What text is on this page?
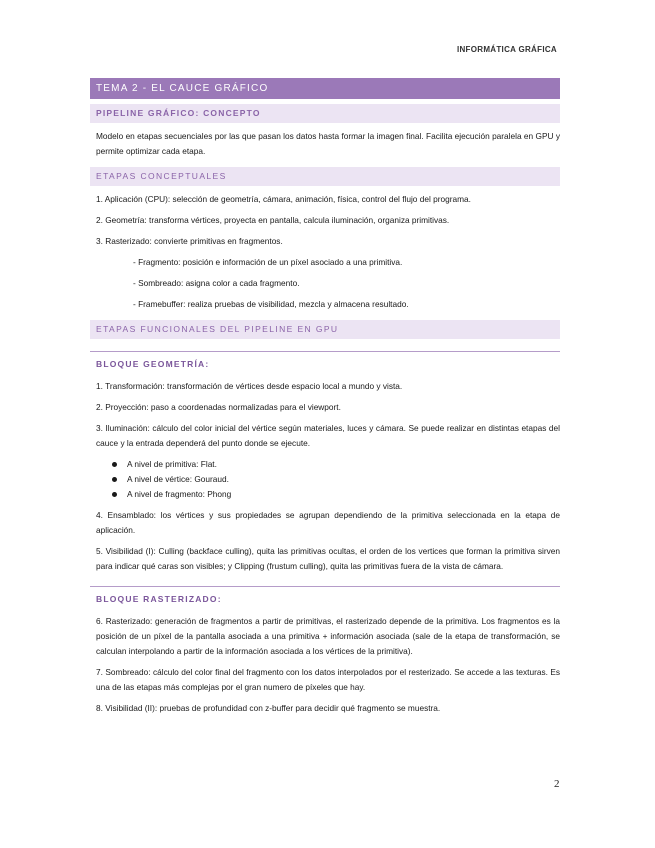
INFORMÁTICA GRÁFICA
TEMA 2 - EL CAUCE GRÁFICO
PIPELINE GRÁFICO: CONCEPTO

Modelo en etapas secuenciales por las que pasan los datos hasta formar la imagen final. Facilita ejecución paralela en GPU y permite optimizar cada etapa.

ETAPAS CONCEPTUALES

1. Aplicación (CPU): selección de geometría, cámara, animación, física, control del flujo del programa.

2. Geometría: transforma vértices, proyecta en pantalla, calcula iluminación, organiza primitivas.

3. Rasterizado: convierte primitivas en fragmentos.

- Fragmento: posición e información de un píxel asociado a una primitiva.

- Sombreado: asigna color a cada fragmento.

- Framebuffer: realiza pruebas de visibilidad, mezcla y almacena resultado.

ETAPAS FUNCIONALES DEL PIPELINE EN GPU
BLOQUE GEOMETRÍA:

1. Transformación: transformación de vértices desde espacio local a mundo y vista.

2. Proyección: paso a coordenadas normalizadas para el viewport.

3. Iluminación: cálculo del color inicial del vértice según materiales, luces y cámara. Se puede realizar en distintas etapas del cauce y la entrada dependerá del punto donde se ejecute.

A nivel de primitiva: Flat.

A nivel de vértice: Gouraud.

A nivel de fragmento: Phong

4. Ensamblado: los vértices y sus propiedades se agrupan dependiendo de la primitiva seleccionada en la etapa de aplicación.

5. Visibilidad (I): Culling (backface culling), quita las primitivas ocultas, el orden de los vertices que forman la primitiva sirven para indicar qué caras son visibles; y Clipping (frustum culling), quita las primitivas fuera de la vista de cámara.

BLOQUE RASTERIZADO:

6. Rasterizado: generación de fragmentos a partir de primitivas, el rasterizado depende de la primitiva. Los fragmentos es la posición de un píxel de la pantalla asociada a una primitiva + información asociada (sale de la etapa de transformación, se calculan interpolando a partir de la información asociada a los vértices de la primitiva).

7. Sombreado: cálculo del color final del fragmento con los datos interpolados por el resterizado. Se accede a las texturas. Es una de las etapas más complejas por el gran numero de píxeles que hay.

8. Visibilidad (II): pruebas de profundidad con z-buffer para decidir qué fragmento se muestra.

2
